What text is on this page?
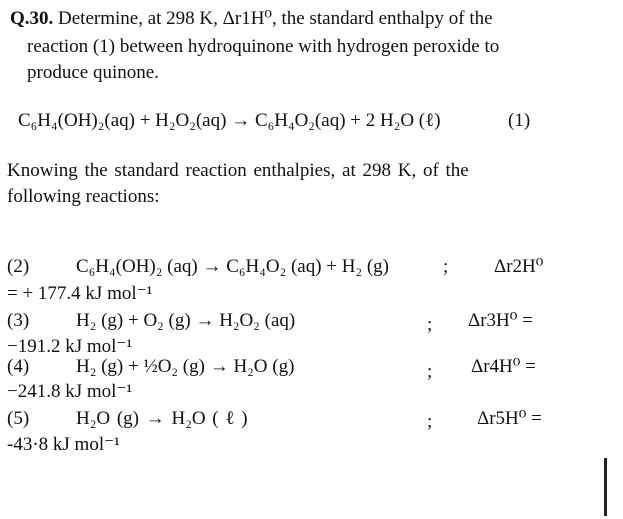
Q.30. Determine, at 298 K, Δr1H⁰, the standard enthalpy of the
reaction (1) between hydroquinone with hydrogen peroxide to
produce quinone.
C₆H₄(OH)₂(aq) + H₂O₂(aq) → C₆H₄O₂(aq) + 2 H₂O (ℓ)	(1)
Knowing the standard reaction enthalpies, at 298 K, of the
following reactions:
(2) C₆H₄(OH)₂ (aq) → C₆H₄O₂ (aq) + H₂ (g)	; Δr2H⁰
= + 177.4 kJ mol⁻¹
(3) H₂ (g) + O₂ (g) → H₂O₂ (aq)	; Δr3H⁰ =
−191.2 kJ mol⁻¹
(4) H₂ (g) + ½O₂ (g) → H₂O (g)	; Δr4H⁰ =
−241.8 kJ mol⁻¹
(5) H₂O (g) → H₂O ( ℓ )	; Δr5H⁰ =
-43·8 kJ mol⁻¹
